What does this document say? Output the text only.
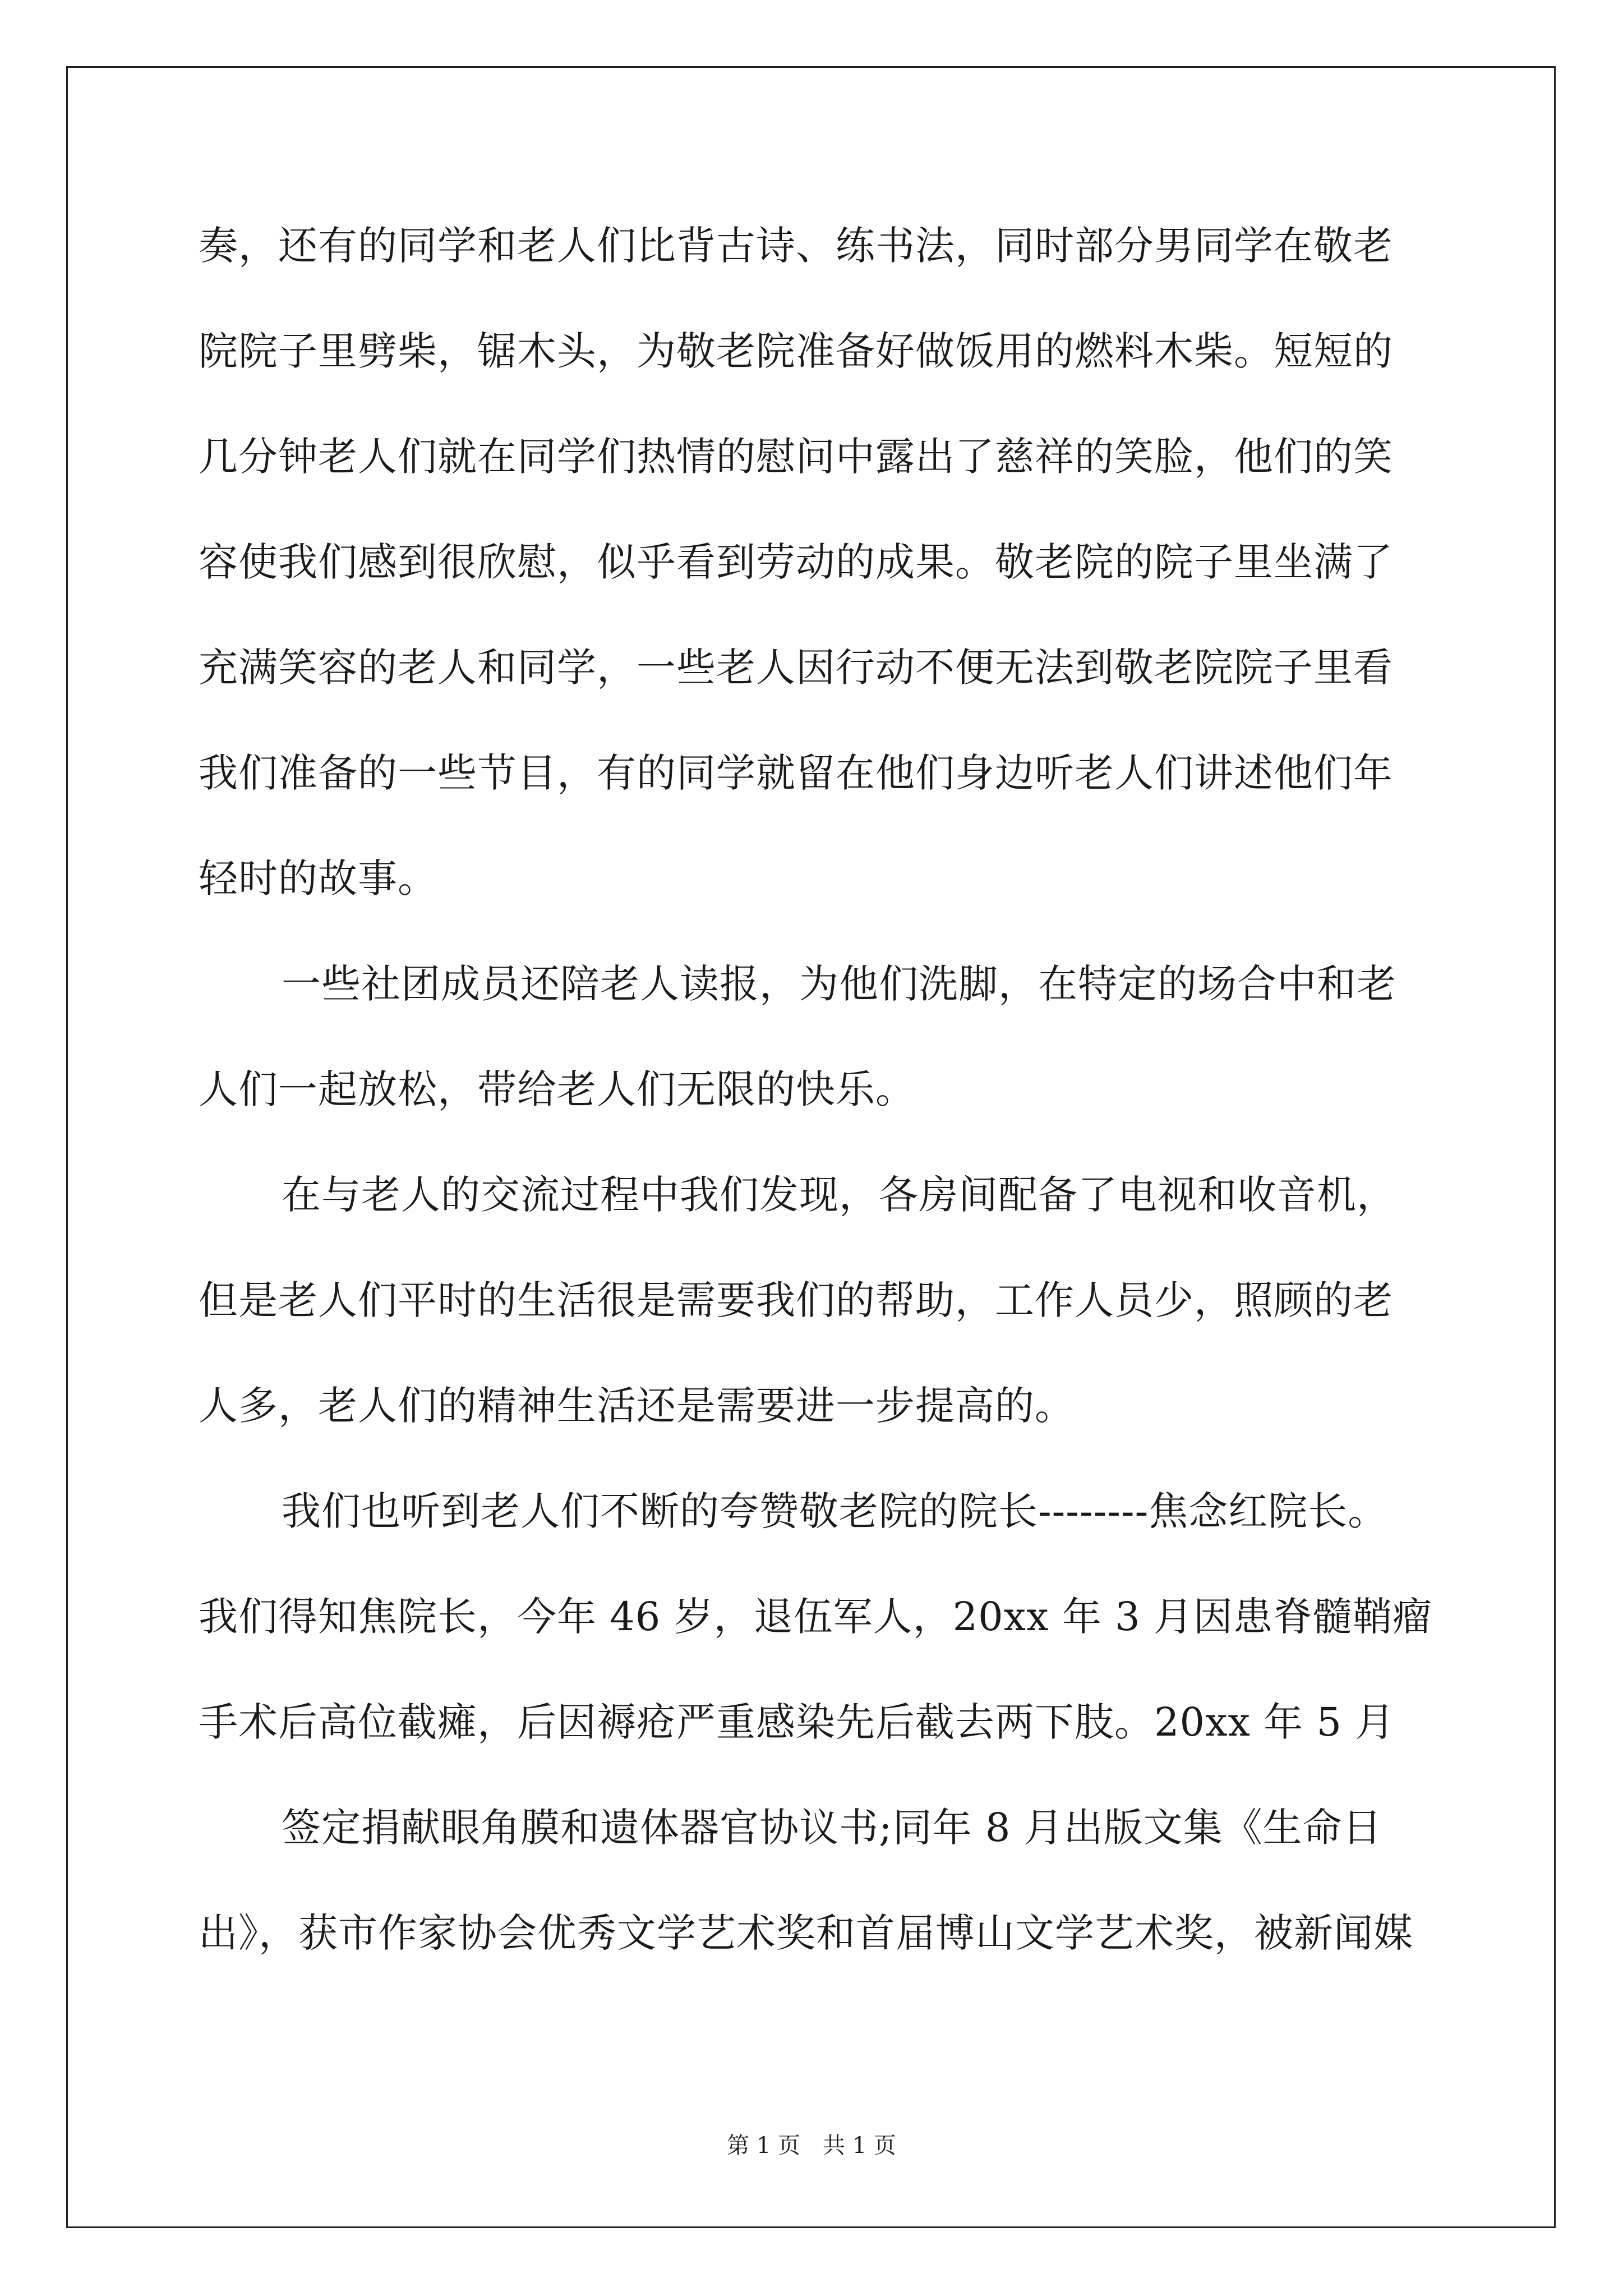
奏，还有的同学和老人们比背古诗、练书法，同时部分男同学在敬老
院院子里劈柴，锯木头，为敬老院准备好做饭用的燃料木柴。短短的
几分钟老人们就在同学们热情的慰问中露出了慈祥的笑脸，他们的笑
容使我们感到很欣慰，似乎看到劳动的成果。敬老院的院子里坐满了
充满笑容的老人和同学，一些老人因行动不便无法到敬老院院子里看
我们准备的一些节目，有的同学就留在他们身边听老人们讲述他们年
轻时的故事。
一些社团成员还陪老人读报，为他们洗脚，在特定的场合中和老
人们一起放松，带给老人们无限的快乐。
在与老人的交流过程中我们发现，各房间配备了电视和收音机，
但是老人们平时的生活很是需要我们的帮助，工作人员少，照顾的老
人多，老人们的精神生活还是需要进一步提高的。
我们也听到老人们不断的夸赞敬老院的院长--------焦念红院长。
我们得知焦院长，今年 46 岁，退伍军人，20xx 年 3 月因患脊髓鞘瘤
手术后高位截瘫，后因褥疮严重感染先后截去两下肢。20xx 年 5 月
签定捐献眼角膜和遗体器官协议书;同年 8 月出版文集《生命日
出》，获市作家协会优秀文学艺术奖和首届博山文学艺术奖，被新闻媒
第 1 页　共 1 页
